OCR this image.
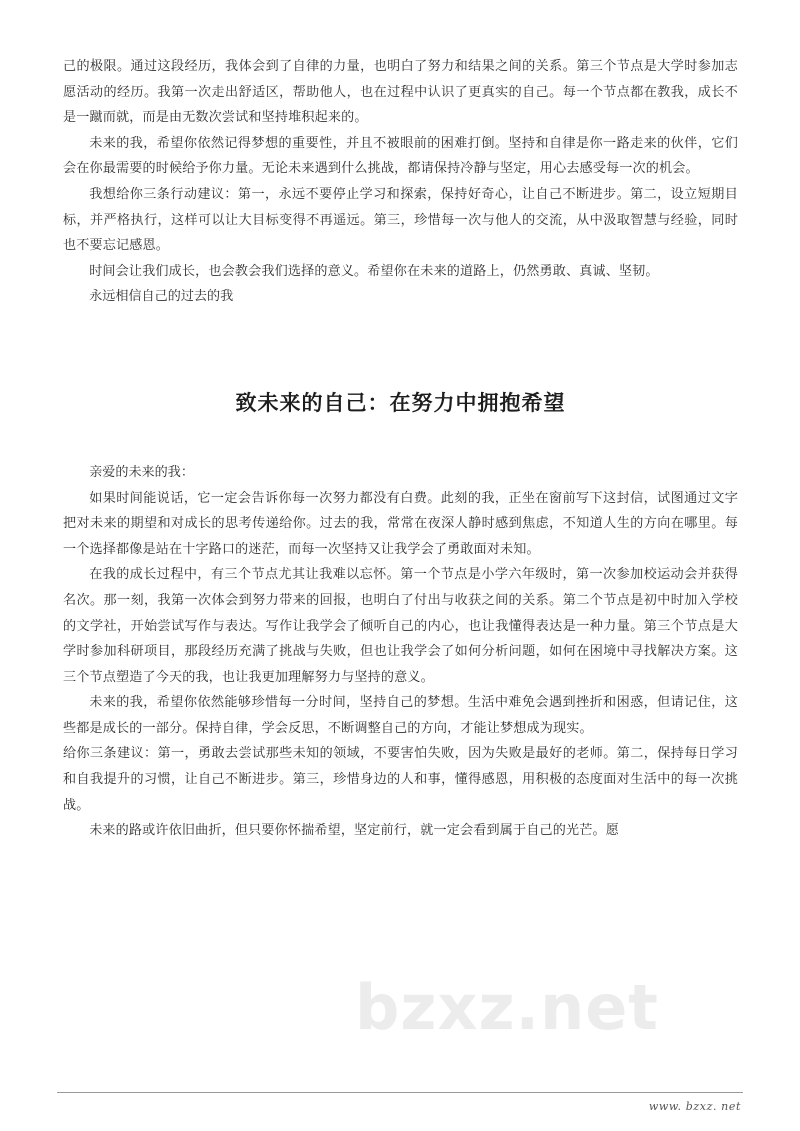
bzxz.net

己的极限。通过这段经历，我体会到了自律的力量，也明白了努力和结果之间的关系。第三个节点是大学时参加志愿活动的经历。我第一次走出舒适区，帮助他人，也在过程中认识了更真实的自己。每一个节点都在教我，成长不是一蹴而就，而是由无数次尝试和坚持堆积起来的。

未来的我，希望你依然记得梦想的重要性，并且不被眼前的困难打倒。坚持和自律是你一路走来的伙伴，它们会在你最需要的时候给予你力量。无论未来遇到什么挑战，都请保持冷静与坚定，用心去感受每一次的机会。

我想给你三条行动建议：第一，永远不要停止学习和探索，保持好奇心，让自己不断进步。第二，设立短期目标，并严格执行，这样可以让大目标变得不再遥远。第三，珍惜每一次与他人的交流，从中汲取智慧与经验，同时也不要忘记感恩。

时间会让我们成长，也会教会我们选择的意义。希望你在未来的道路上，仍然勇敢、真诚、坚韧。

永远相信自己的过去的我

致未来的自己：在努力中拥抱希望

亲爱的未来的我：

如果时间能说话，它一定会告诉你每一次努力都没有白费。此刻的我，正坐在窗前写下这封信，试图通过文字把对未来的期望和对成长的思考传递给你。过去的我，常常在夜深人静时感到焦虑，不知道人生的方向在哪里。每一个选择都像是站在十字路口的迷茫，而每一次坚持又让我学会了勇敢面对未知。

在我的成长过程中，有三个节点尤其让我难以忘怀。第一个节点是小学六年级时，第一次参加校运动会并获得名次。那一刻，我第一次体会到努力带来的回报，也明白了付出与收获之间的关系。第二个节点是初中时加入学校的文学社，开始尝试写作与表达。写作让我学会了倾听自己的内心，也让我懂得表达是一种力量。第三个节点是大学时参加科研项目，那段经历充满了挑战与失败，但也让我学会了如何分析问题，如何在困境中寻找解决方案。这三个节点塑造了今天的我，也让我更加理解努力与坚持的意义。

未来的我，希望你依然能够珍惜每一分时间，坚持自己的梦想。生活中难免会遇到挫折和困惑，但请记住，这些都是成长的一部分。保持自律，学会反思，不断调整自己的方向，才能让梦想成为现实。

给你三条建议：第一，勇敢去尝试那些未知的领域，不要害怕失败，因为失败是最好的老师。第二，保持每日学习和自我提升的习惯，让自己不断进步。第三，珍惜身边的人和事，懂得感恩，用积极的态度面对生活中的每一次挑战。

未来的路或许依旧曲折，但只要你怀揣希望，坚定前行，就一定会看到属于自己的光芒。愿

www. bzxz. net
